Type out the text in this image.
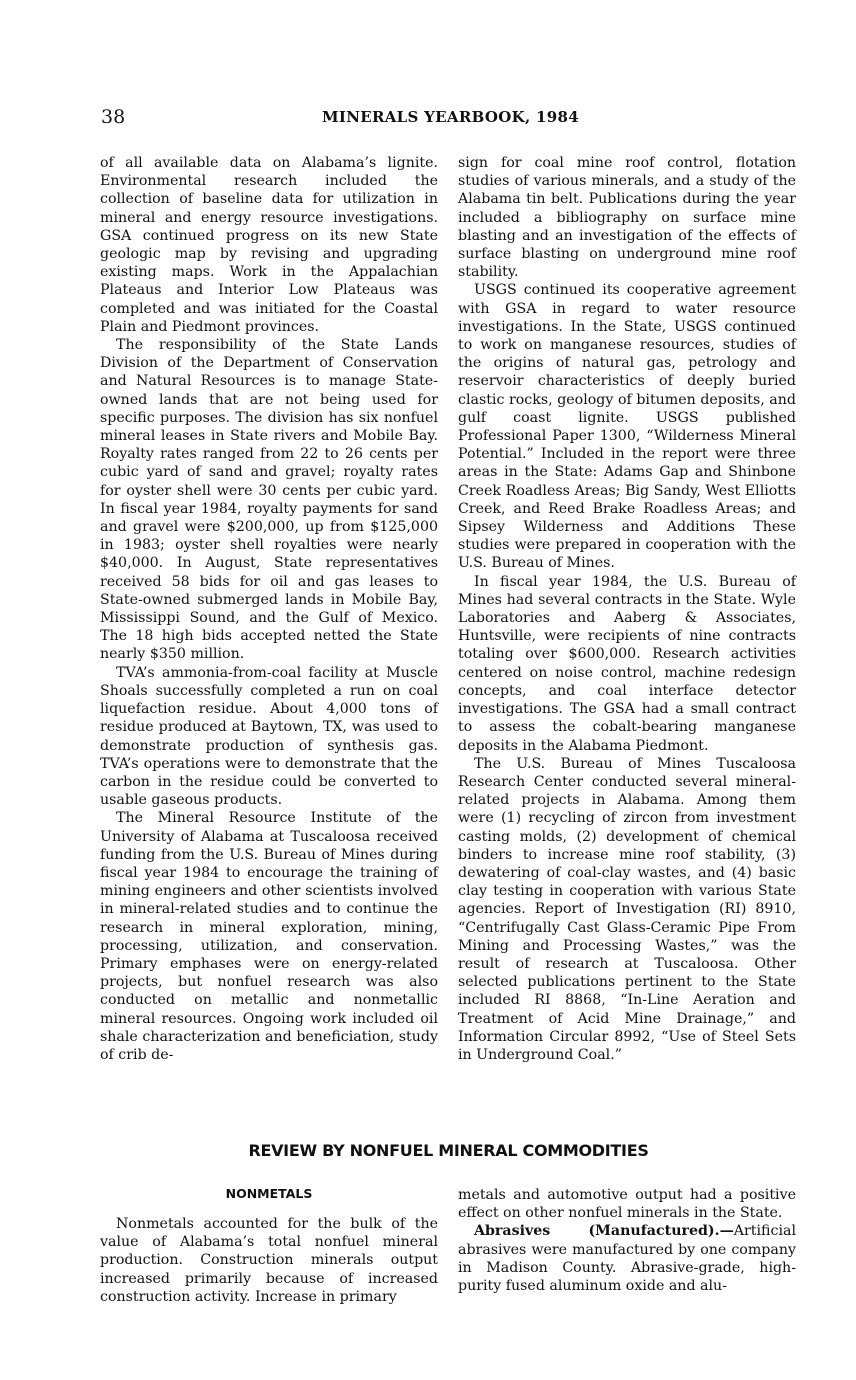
38	MINERALS YEARBOOK, 1984

of all available data on Alabama’s lignite. Environmental research included the collection of baseline data for utilization in mineral and energy resource investigations. GSA continued progress on its new State geologic map by revising and upgrading existing maps. Work in the Appalachian Plateaus and Interior Low Plateaus was completed and was initiated for the Coastal Plain and Piedmont provinces.

The responsibility of the State Lands Division of the Department of Conservation and Natural Resources is to manage State-owned lands that are not being used for specific purposes. The division has six nonfuel mineral leases in State rivers and Mobile Bay. Royalty rates ranged from 22 to 26 cents per cubic yard of sand and gravel; royalty rates for oyster shell were 30 cents per cubic yard. In fiscal year 1984, royalty payments for sand and gravel were $200,000, up from $125,000 in 1983; oyster shell royalties were nearly $40,000. In August, State representatives received 58 bids for oil and gas leases to State-owned submerged lands in Mobile Bay, Mississippi Sound, and the Gulf of Mexico. The 18 high bids accepted netted the State nearly $350 million.

TVA’s ammonia-from-coal facility at Muscle Shoals successfully completed a run on coal liquefaction residue. About 4,000 tons of residue produced at Baytown, TX, was used to demonstrate production of synthesis gas. TVA’s operations were to demonstrate that the carbon in the residue could be converted to usable gaseous products.

The Mineral Resource Institute of the University of Alabama at Tuscaloosa received funding from the U.S. Bureau of Mines during fiscal year 1984 to encourage the training of mining engineers and other scientists involved in mineral-related studies and to continue the research in mineral exploration, mining, processing, utilization, and conservation. Primary emphases were on energy-related projects, but nonfuel research was also conducted on metallic and nonmetallic mineral resources. Ongoing work included oil shale characterization and beneficiation, study of crib de-

sign for coal mine roof control, flotation studies of various minerals, and a study of the Alabama tin belt. Publications during the year included a bibliography on surface mine blasting and an investigation of the effects of surface blasting on underground mine roof stability.

USGS continued its cooperative agreement with GSA in regard to water resource investigations. In the State, USGS continued to work on manganese resources, studies of the origins of natural gas, petrology and reservoir characteristics of deeply buried clastic rocks, geology of bitumen deposits, and gulf coast lignite. USGS published Professional Paper 1300, “Wilderness Mineral Potential.” Included in the report were three areas in the State: Adams Gap and Shinbone Creek Roadless Areas; Big Sandy, West Elliotts Creek, and Reed Brake Roadless Areas; and Sipsey Wilderness and Additions These studies were prepared in cooperation with the U.S. Bureau of Mines.

In fiscal year 1984, the U.S. Bureau of Mines had several contracts in the State. Wyle Laboratories and Aaberg & Associates, Huntsville, were recipients of nine contracts totaling over $600,000. Research activities centered on noise control, machine redesign concepts, and coal interface detector investigations. The GSA had a small contract to assess the cobalt-bearing manganese deposits in the Alabama Piedmont.

The U.S. Bureau of Mines Tuscaloosa Research Center conducted several mineral-related projects in Alabama. Among them were (1) recycling of zircon from investment casting molds, (2) development of chemical binders to increase mine roof stability, (3) dewatering of coal-clay wastes, and (4) basic clay testing in cooperation with various State agencies. Report of Investigation (RI) 8910, “Centrifugally Cast Glass-Ceramic Pipe From Mining and Processing Wastes,” was the result of research at Tuscaloosa. Other selected publications pertinent to the State included RI 8868, “In-Line Aeration and Treatment of Acid Mine Drainage,” and Information Circular 8992, “Use of Steel Sets in Underground Coal.”

REVIEW BY NONFUEL MINERAL COMMODITIES
NONMETALS

Nonmetals accounted for the bulk of the value of Alabama’s total nonfuel mineral production. Construction minerals output increased primarily because of increased construction activity. Increase in primary

metals and automotive output had a positive effect on other nonfuel minerals in the State.

Abrasives (Manufactured).—Artificial abrasives were manufactured by one company in Madison County. Abrasive-grade, high-purity fused aluminum oxide and alu-
